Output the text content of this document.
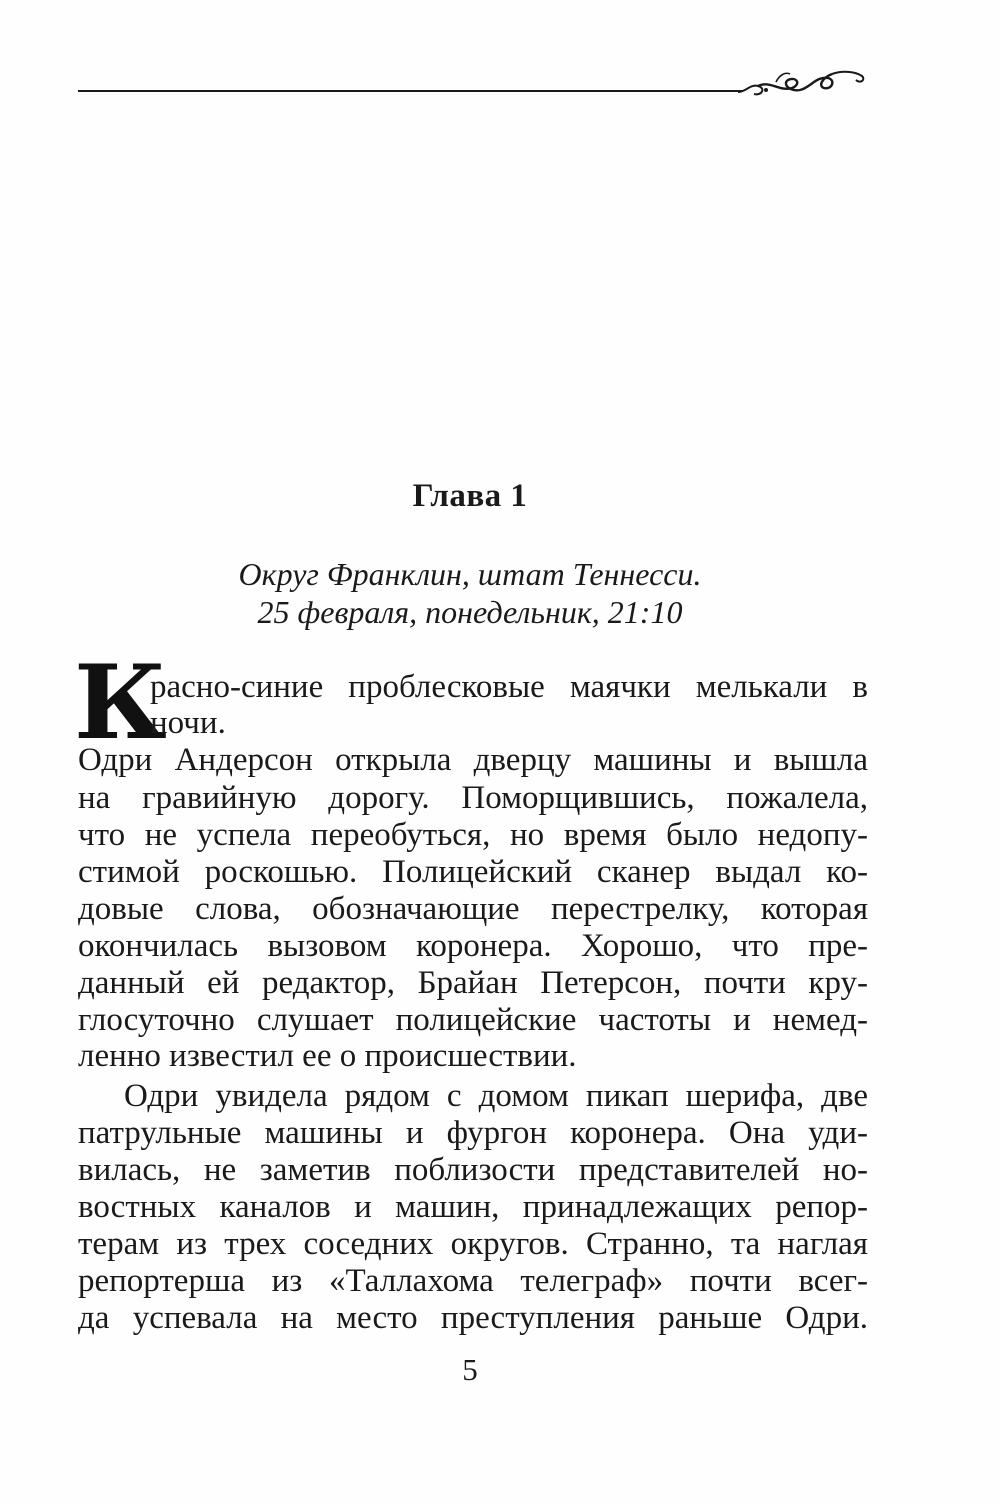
Глава 1
Округ Франклин, штат Теннесси.
25 февраля, понедельник, 21:10
К
расно-синие проблесковые маячки мелькали в
ночи.
Одри Андерсон открыла дверцу машины и вышла
на гравийную дорогу. Поморщившись, пожалела,
что не успела переобуться, но время было недопу-
стимой роскошью. Полицейский сканер выдал ко-
довые слова, обозначающие перестрелку, которая
окончилась вызовом коронера. Хорошо, что пре-
данный ей редактор, Брайан Петерсон, почти кру-
глосуточно слушает полицейские частоты и немед-
ленно известил ее о происшествии.
Одри увидела рядом с домом пикап шерифа, две
патрульные машины и фургон коронера. Она уди-
вилась, не заметив поблизости представителей но-
востных каналов и машин, принадлежащих репор-
терам из трех соседних округов. Странно, та наглая
репортерша из «Таллахома телеграф» почти всег-
да успевала на место преступления раньше Одри.
5
